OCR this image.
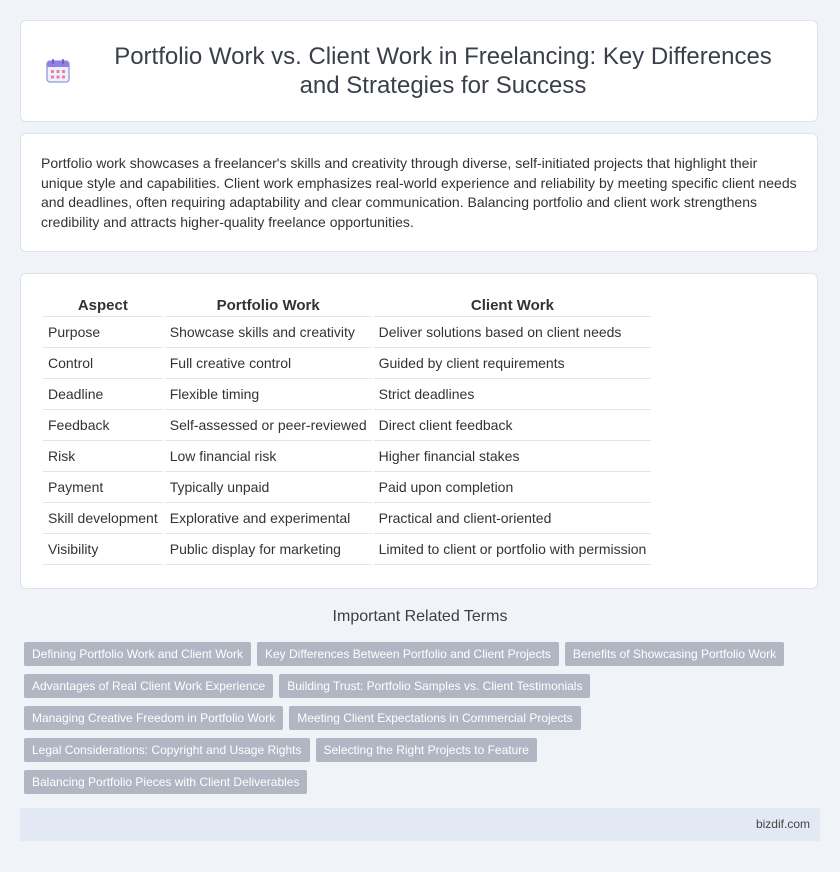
Portfolio Work vs. Client Work in Freelancing: Key Differences and Strategies for Success

Portfolio work showcases a freelancer's skills and creativity through diverse, self-initiated projects that highlight their unique style and capabilities. Client work emphasizes real-world experience and reliability by meeting specific client needs and deadlines, often requiring adaptability and clear communication. Balancing portfolio and client work strengthens credibility and attracts higher-quality freelance opportunities.

Aspect	Portfolio Work	Client Work
Purpose	Showcase skills and creativity	Deliver solutions based on client needs
Control	Full creative control	Guided by client requirements
Deadline	Flexible timing	Strict deadlines
Feedback	Self-assessed or peer-reviewed	Direct client feedback
Risk	Low financial risk	Higher financial stakes
Payment	Typically unpaid	Paid upon completion
Skill development	Explorative and experimental	Practical and client-oriented
Visibility	Public display for marketing	Limited to client or portfolio with permission
Important Related Terms
Defining Portfolio Work and Client Work Key Differences Between Portfolio and Client Projects Benefits of Showcasing Portfolio Work
Advantages of Real Client Work Experience Building Trust: Portfolio Samples vs. Client Testimonials
Managing Creative Freedom in Portfolio Work Meeting Client Expectations in Commercial Projects
Legal Considerations: Copyright and Usage Rights Selecting the Right Projects to Feature
Balancing Portfolio Pieces with Client Deliverables
bizdif.com
